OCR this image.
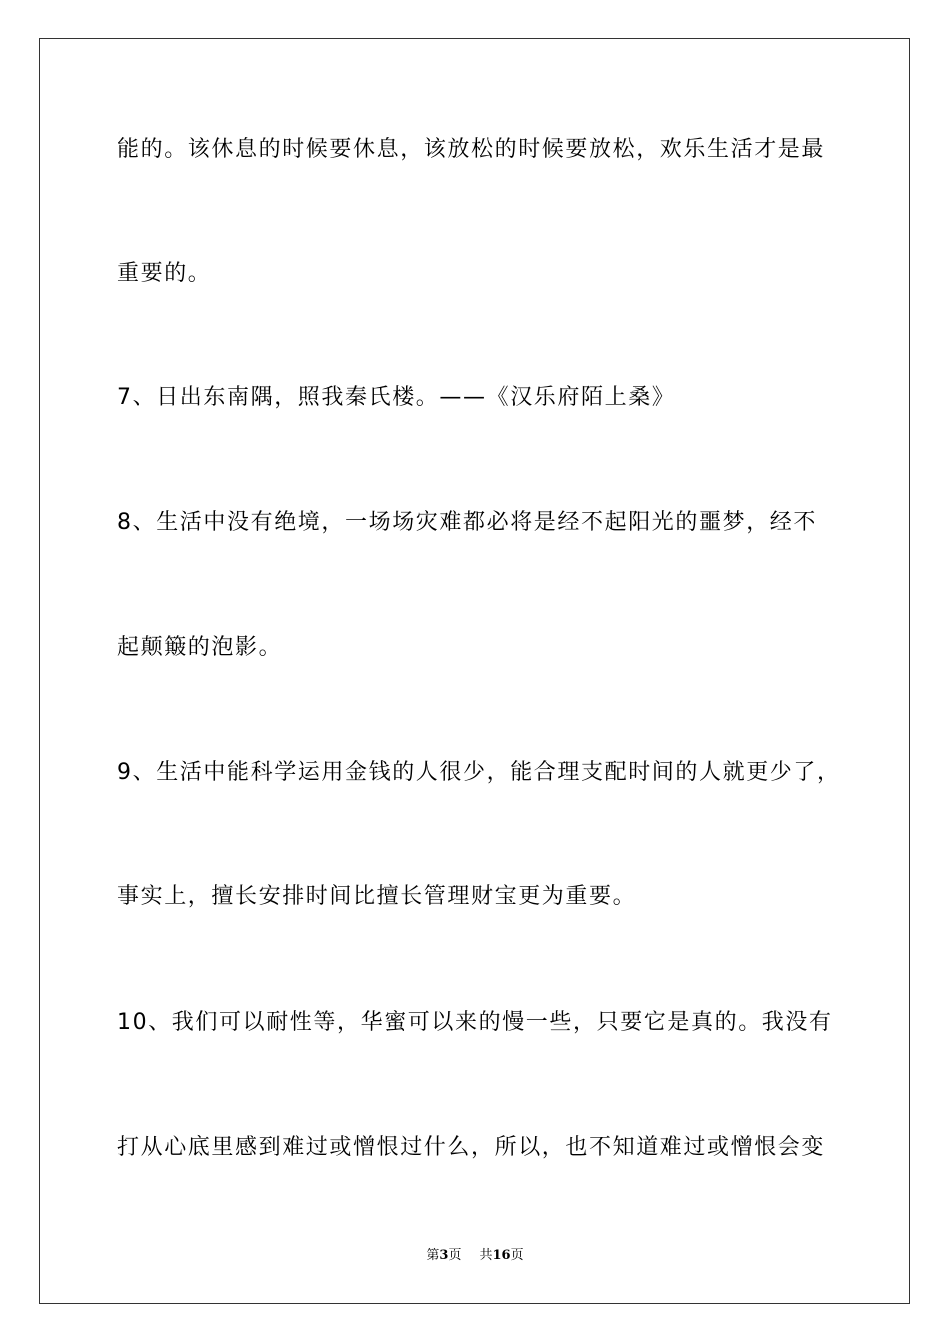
能的。该休息的时候要休息，该放松的时候要放松，欢乐生活才是最
重要的。
7、日出东南隅，照我秦氏楼。——《汉乐府陌上桑》
8、生活中没有绝境，一场场灾难都必将是经不起阳光的噩梦，经不
起颠簸的泡影。
9、生活中能科学运用金钱的人很少，能合理支配时间的人就更少了，
事实上，擅长安排时间比擅长管理财宝更为重要。
10、我们可以耐性等，华蜜可以来的慢一些，只要它是真的。我没有
打从心底里感到难过或憎恨过什么，所以，也不知道难过或憎恨会变
第3页 共16页
